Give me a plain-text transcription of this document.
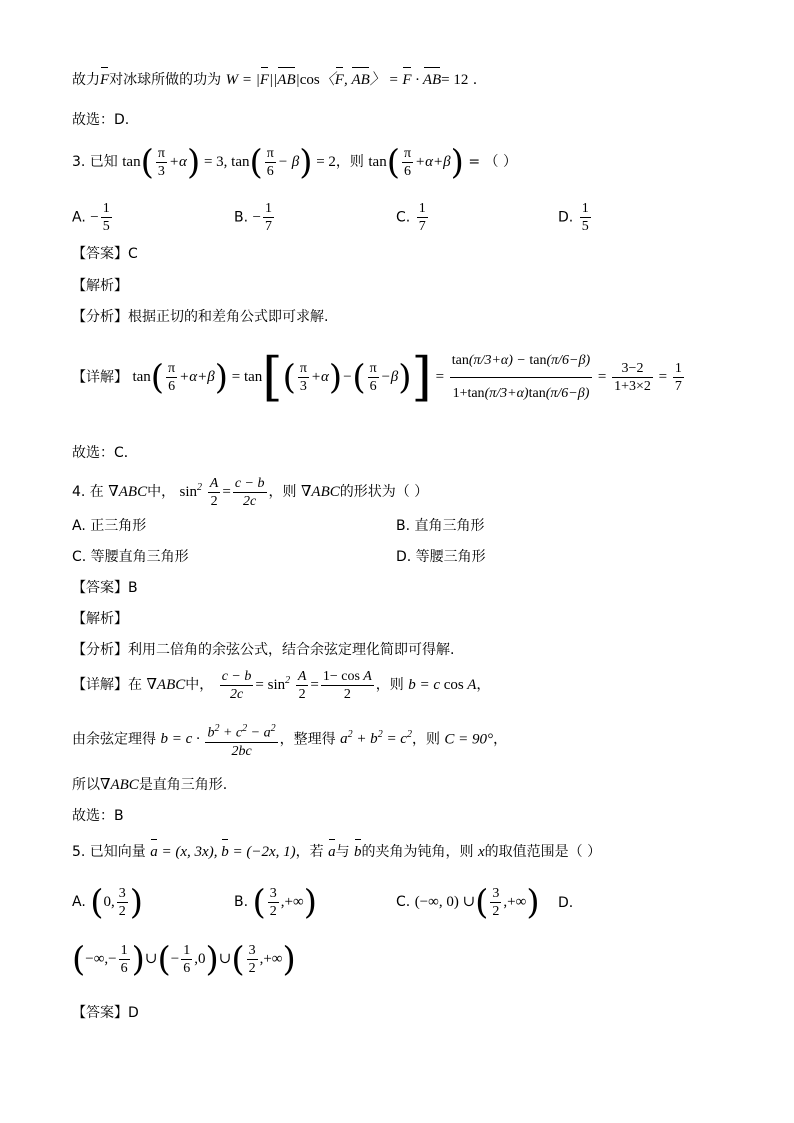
故力F对冰球所做的功为 W = |F||AB|cos〈F, AB〉 = F · AB= 12 .
故选：D.
3. 已知 $\tan( \frac{\pi}{3} +\alpha) = 3$, $\tan( \frac{\pi}{6} - \beta) = 2$，则 $\tan( \frac{\pi}{6} +\alpha+\beta)$ = （ ）
A. − $\frac{1}{5}$	B. − $\frac{1}{7}$	C. $\frac{1}{7}$	D. $\frac{1}{5}$
【答案】C
【解析】
【分析】根据正切的和差角公式即可求解.
【详解】 $\tan( \frac{\pi}{6} +\alpha+\beta) = \tan[( \frac{\pi}{3} +\alpha)-( \frac{\pi}{6} -\beta)] = \frac{\tan(\pi/3+\alpha) - \tan(\pi/6-\beta)}{1+\tan(\pi/3+\alpha)\tan(\pi/6-\beta)} = \frac{3-2}{1+3\times 2} = \frac{1}{7}$
故选：C．
4. 在 ∇ABC中， $\sin^2 \frac{A}{2} = \frac{c - b}{2c}$ ，则 ∇ABC的形状为（ ）
A. 正三角形	B. 直角三角形
C. 等腰直角三角形	D. 等腰三角形
【答案】B
【解析】
【分析】利用二倍角的余弦公式，结合余弦定理化简即可得解.
【详解】在 ∇ABC中， $\frac{c - b}{2c} = \sin^2 \frac{A}{2} = \frac{\text{1− cos A}}{2}$ ，则 b = c cos A，
由余弦定理得 $b = c \cdot \frac{b^2 + c^2 - a^2}{2bc}$ ，整理得 $a^2 + b^2 = c^2$，则 C = 90°，
所以∇ABC是直角三角形.
故选：B
5. 已知向量 a = (x, 3x), b = (−2x, 1)，若 a与 b的夹角为钝角，则 x的取值范围是（ ）
A. (0, $\frac{3}{2}$ )	B. ( $\frac{3}{2}$ ,+∞)	C. (−∞, 0) ∪( $\frac{3}{2}$ ,+∞) D.
(−∞,− $\frac{1}{6}$ )∪(− $\frac{1}{6}$ ,0)∪( $\frac{3}{2}$ ,+∞)
【答案】D
